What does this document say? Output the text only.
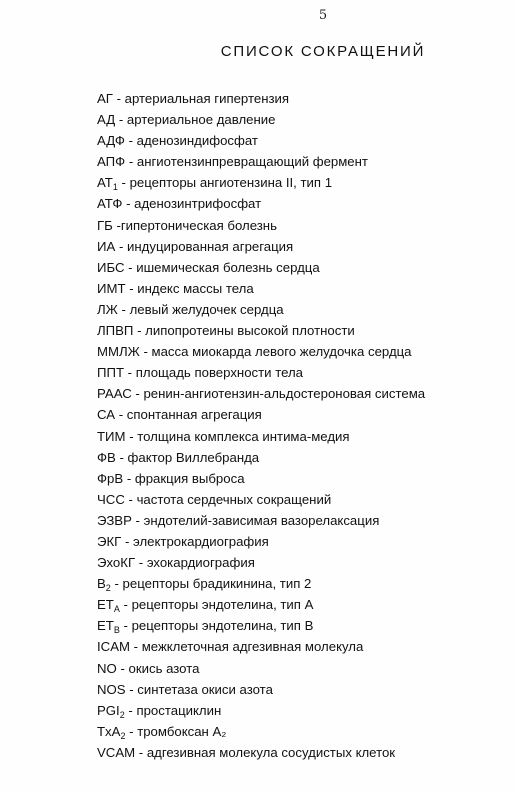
5
СПИСОК СОКРАЩЕНИЙ
АГ - артериальная гипертензия
АД - артериальное давление
АДФ - аденозиндифосфат
АПФ - ангиотензинпревращающий фермент
$АТ_1$ - рецепторы ангиотензина II, тип 1
АТФ - аденозинтрифосфат
ГБ -гипертоническая болезнь
ИА - индуцированная агрегация
ИБС - ишемическая болезнь сердца
ИМТ - индекс массы тела
ЛЖ - левый желудочек сердца
ЛПВП - липопротеины высокой плотности
ММЛЖ - масса миокарда левого желудочка сердца
ППТ - площадь поверхности тела
РААС - ренин-ангиотензин-альдостероновая система
СА - спонтанная агрегация
ТИМ - толщина комплекса интима-медия
ФВ - фактор Виллебранда
ФрВ - фракция выброса
ЧСС - частота сердечных сокращений
ЭЗВР - эндотелий-зависимая вазорелаксация
ЭКГ - электрокардиография
ЭхоКГ - эхокардиография
$B_2$ - рецепторы брадикинина, тип 2
$ET_A$ - рецепторы эндотелина, тип A
$ET_B$ - рецепторы эндотелина, тип B
ICAM - межклеточная адгезивная молекула
NO - окись азота
NOS - синтетаза окиси азота
$PGI_2$ - простациклин
TxA$_2$ - тромбоксан A₂
VCAM - адгезивная молекула сосудистых клеток
